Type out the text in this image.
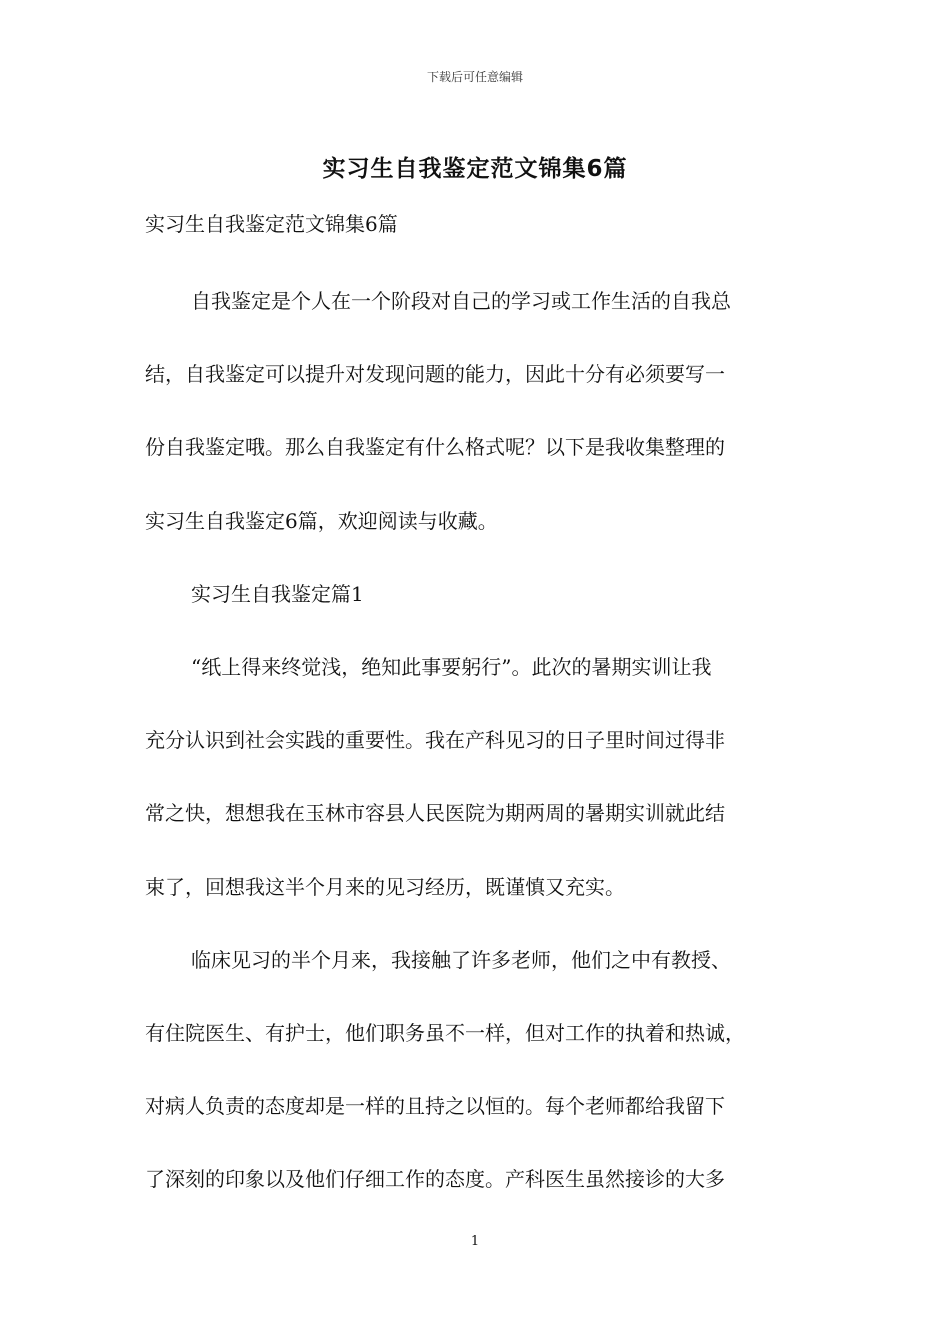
下载后可任意编辑
实习生自我鉴定范文锦集6篇
实习生自我鉴定范文锦集6篇
自我鉴定是个人在一个阶段对自己的学习或工作生活的自我总
结，自我鉴定可以提升对发现问题的能力，因此十分有必须要写一
份自我鉴定哦。那么自我鉴定有什么格式呢？以下是我收集整理的
实习生自我鉴定6篇，欢迎阅读与收藏。
实习生自我鉴定篇1
“纸上得来终觉浅，绝知此事要躬行”。此次的暑期实训让我
充分认识到社会实践的重要性。我在产科见习的日子里时间过得非
常之快，想想我在玉林市容县人民医院为期两周的暑期实训就此结
束了，回想我这半个月来的见习经历，既谨慎又充实。
临床见习的半个月来，我接触了许多老师，他们之中有教授、
有住院医生、有护士，他们职务虽不一样，但对工作的执着和热诚，
对病人负责的态度却是一样的且持之以恒的。每个老师都给我留下
了深刻的印象以及他们仔细工作的态度。产科医生虽然接诊的大多
1
